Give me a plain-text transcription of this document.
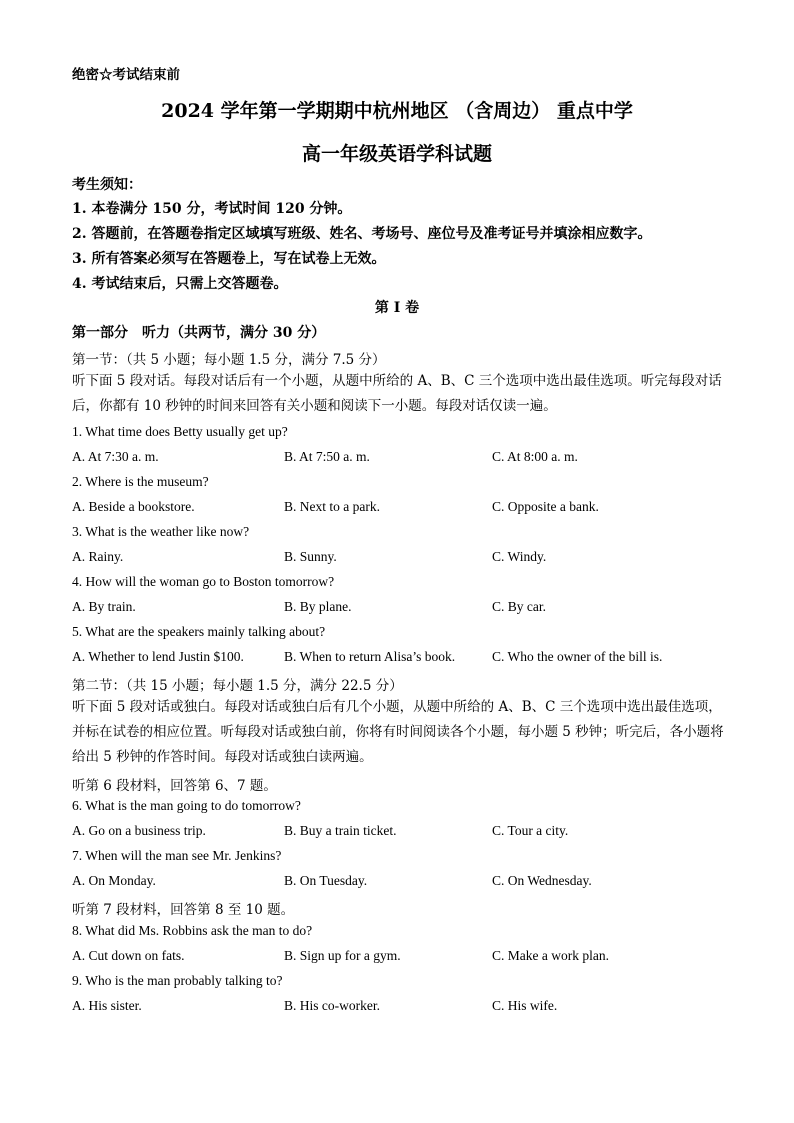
绝密☆考试结束前
2024 学年第一学期期中杭州地区 （含周边） 重点中学
高一年级英语学科试题
考生须知：
1. 本卷满分 150 分，考试时间 120 分钟。
2. 答题前，在答题卷指定区域填写班级、姓名、考场号、座位号及准考证号并填涂相应数字。
3. 所有答案必须写在答题卷上，写在试卷上无效。
4. 考试结束后，只需上交答题卷。
第 I 卷
第一部分　听力（共两节，满分 30 分）
第一节：（共 5 小题；每小题 1.5 分，满分 7.5 分）
听下面 5 段对话。每段对话后有一个小题，从题中所给的 A、B、C 三个选项中选出最佳选项。听完每段对话后，你都有 10 秒钟的时间来回答有关小题和阅读下一小题。每段对话仅读一遍。
1. What time does Betty usually get up?
A. At 7:30 a. m.	B. At 7:50 a. m.	C. At 8:00 a. m.
2. Where is the museum?
A. Beside a bookstore.	B. Next to a park.	C. Opposite a bank.
3. What is the weather like now?
A. Rainy.	B. Sunny.	C. Windy.
4. How will the woman go to Boston tomorrow?
A. By train.	B. By plane.	C. By car.
5. What are the speakers mainly talking about?
A. Whether to lend Justin $100.	B. When to return Alisa’s book.	C. Who the owner of the bill is.
第二节：（共 15 小题；每小题 1.5 分，满分 22.5 分）
听下面 5 段对话或独白。每段对话或独白后有几个小题，从题中所给的 A、B、C 三个选项中选出最佳选项，并标在试卷的相应位置。听每段对话或独白前，你将有时间阅读各个小题，每小题 5 秒钟；听完后，各小题将给出 5 秒钟的作答时间。每段对话或独白读两遍。
听第 6 段材料，回答第 6、7 题。
6. What is the man going to do tomorrow?
A. Go on a business trip.	B. Buy a train ticket.	C. Tour a city.
7. When will the man see Mr. Jenkins?
A. On Monday.	B. On Tuesday.	C. On Wednesday.
听第 7 段材料，回答第 8 至 10 题。
8. What did Ms. Robbins ask the man to do?
A. Cut down on fats.	B. Sign up for a gym.	C. Make a work plan.
9. Who is the man probably talking to?
A. His sister.	B. His co-worker.	C. His wife.
